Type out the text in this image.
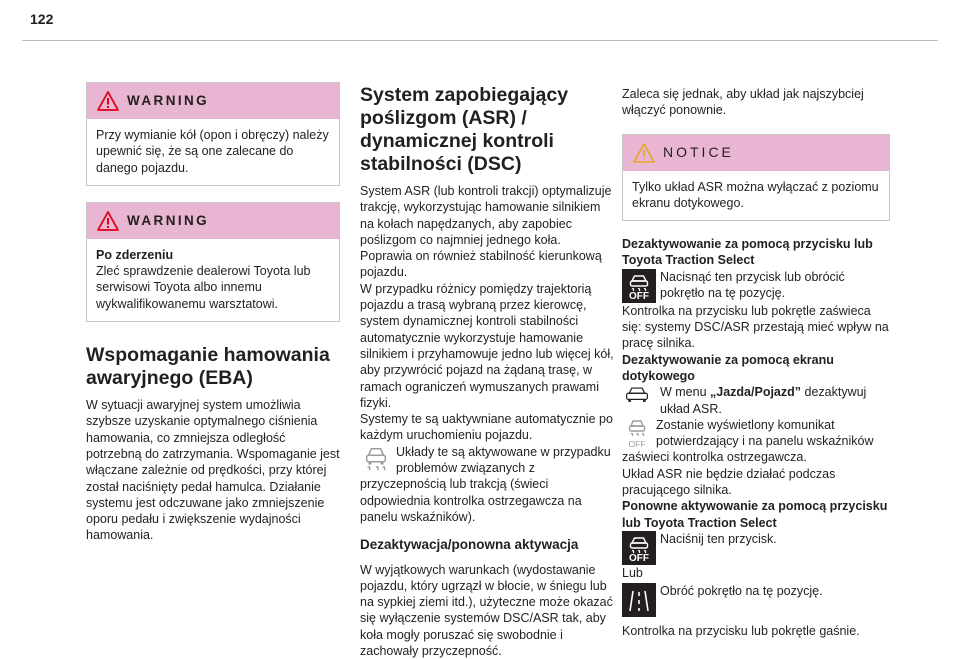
122
WARNING

Przy wymianie kół (opon i obręczy) należy upewnić się, że są one zalecane do danego pojazdu.

WARNING

Po zderzeniu

Zleć sprawdzenie dealerowi Toyota lub serwisowi Toyota albo innemu wykwalifikowanemu warsztatowi.

Wspomaganie hamowania awaryjnego (EBA)

W sytuacji awaryjnej system umożliwia szybsze uzyskanie optymalnego ciśnienia hamowania, co zmniejsza odległość potrzebną do zatrzymania. Wspomaganie jest włączane zależnie od prędkości, przy której został naciśnięty pedał hamulca. Działanie systemu jest odczuwane jako zmniejszenie oporu pedału i zwiększenie wydajności hamowania.

System zapobiegający poślizgom (ASR) / dynamicznej kontroli stabilności (DSC)

System ASR (lub kontroli trakcji) optymalizuje trakcję, wykorzystując hamowanie silnikiem na kołach napędzanych, aby zapobiec poślizgom co najmniej jednego koła. Poprawia on również stabilność kierunkową pojazdu.

W przypadku różnicy pomiędzy trajektorią pojazdu a trasą wybraną przez kierowcę, system dynamicznej kontroli stabilności automatycznie wykorzystuje hamowanie silnikiem i przyhamowuje jedno lub więcej kół, aby przywrócić pojazd na żądaną trasę, w ramach ograniczeń wymuszanych prawami fizyki.

Systemy te są uaktywniane automatycznie po każdym uruchomieniu pojazdu.

Układy te są aktywowane w przypadku problemów związanych z przyczepnością lub trakcją (świeci odpowiednia kontrolka ostrzegawcza na panelu wskaźników).

Dezaktywacja/ponowna aktywacja

W wyjątkowych warunkach (wydostawanie pojazdu, który ugrzązł w błocie, w śniegu lub na sypkiej ziemi itd.), użyteczne może okazać się wyłączenie systemów DSC/ASR tak, aby koła mogły poruszać się swobodnie i zachowały przyczepność.

Zaleca się jednak, aby układ jak najszybciej włączyć ponownie.

NOTICE

Tylko układ ASR można wyłączać z poziomu ekranu dotykowego.

Dezaktywowanie za pomocą przycisku lub Toyota Traction Select

OFF

Nacisnąć ten przycisk lub obrócić pokrętło na tę pozycję.

Kontrolka na przycisku lub pokrętle zaświeca się: systemy DSC/ASR przestają mieć wpływ na pracę silnika.

Dezaktywowanie za pomocą ekranu dotykowego

W menu „Jazda/Pojazd” dezaktywuj układ ASR.

OFF

Zostanie wyświetlony komunikat potwierdzający i na panelu wskaźników zaświeci kontrolka ostrzegawcza.

Układ ASR nie będzie działać podczas pracującego silnika.

Ponowne aktywowanie za pomocą przycisku lub Toyota Traction Select

OFF

Naciśnij ten przycisk.

Lub

Obróć pokrętło na tę pozycję.

Kontrolka na przycisku lub pokrętle gaśnie.
